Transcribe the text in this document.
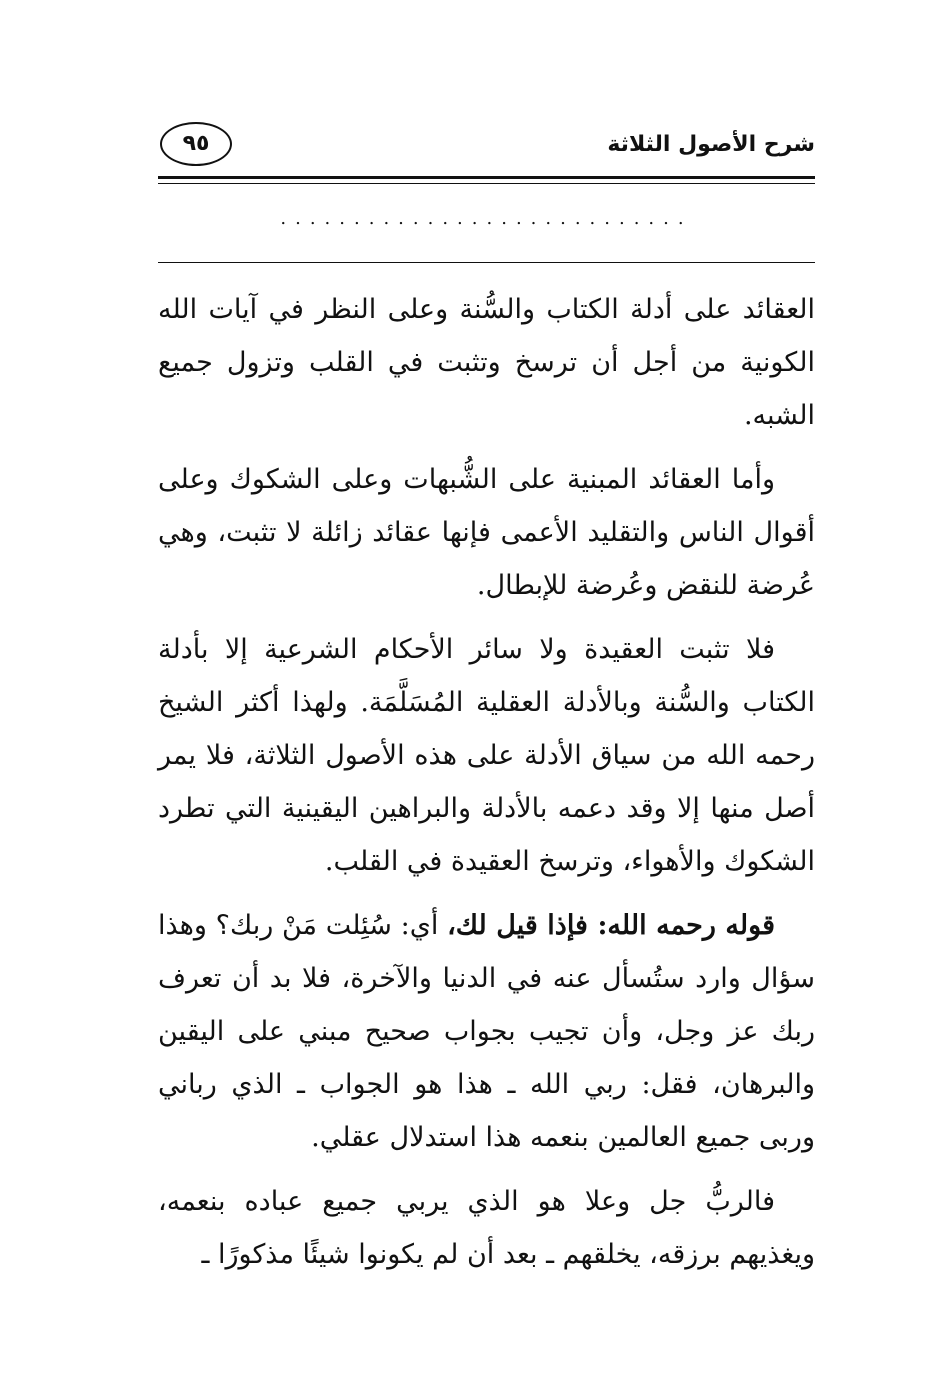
شرح الأصول الثلاثة
٩٥
............................

العقائد على أدلة الكتاب والسُّنة وعلى النظر في آيات الله الكونية من أجل أن ترسخ وتثبت في القلب وتزول جميع الشبه.

وأما العقائد المبنية على الشُّبهات وعلى الشكوك وعلى أقوال الناس والتقليد الأعمى فإنها عقائد زائلة لا تثبت، وهي عُرضة للنقض وعُرضة للإبطال.

فلا تثبت العقيدة ولا سائر الأحكام الشرعية إلا بأدلة الكتاب والسُّنة وبالأدلة العقلية المُسَلَّمَة. ولهذا أكثر الشيخ رحمه الله من سياق الأدلة على هذه الأصول الثلاثة، فلا يمر أصل منها إلا وقد دعمه بالأدلة والبراهين اليقينية التي تطرد الشكوك والأهواء، وترسخ العقيدة في القلب.

قوله رحمه الله: فإذا قيل لك، أي: سُئِلت مَنْ ربك؟ وهذا سؤال وارد ستُسأل عنه في الدنيا والآخرة، فلا بد أن تعرف ربك عز وجل، وأن تجيب بجواب صحيح مبني على اليقين والبرهان، فقل: ربي الله ـ هذا هو الجواب ـ الذي رباني وربى جميع العالمين بنعمه هذا استدلال عقلي.

فالربُّ جل وعلا هو الذي يربي جميع عباده بنعمه، ويغذيهم برزقه، يخلقهم ـ بعد أن لم يكونوا شيئًا مذكورًا ـ
